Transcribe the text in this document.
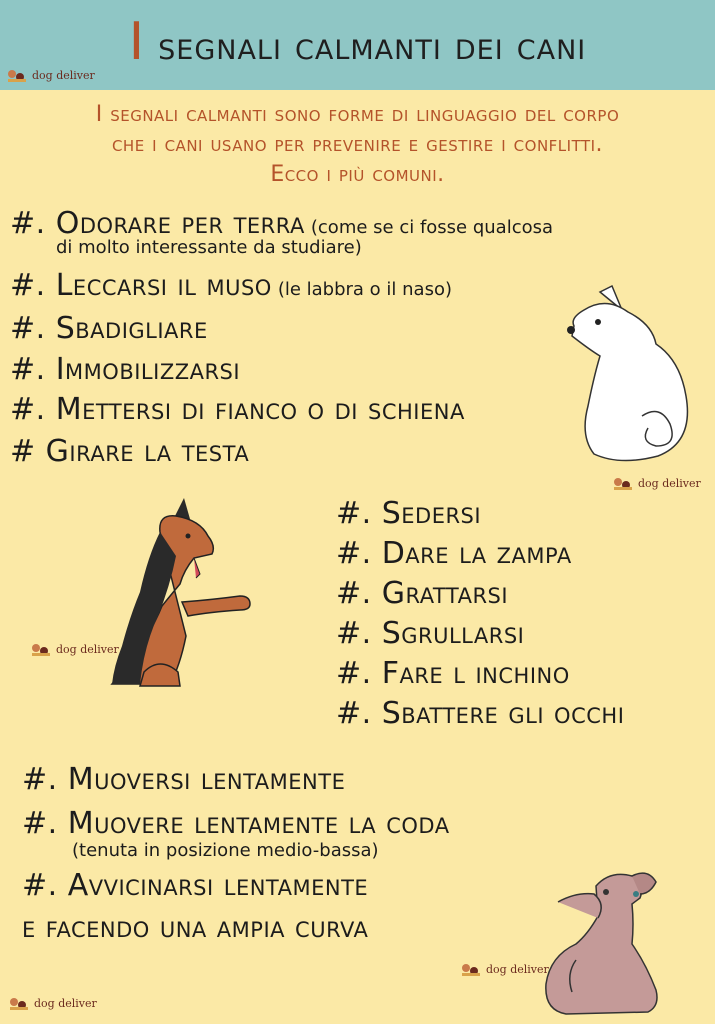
I segnali calmanti dei cani
dog deliver
I segnali calmanti sono forme di linguaggio del corpo
che i cani usano per prevenire e gestire i conflitti.
Ecco i più comuni.
#. Odorare per terra (come se ci fosse qualcosa
di molto interessante da studiare)
#. Leccarsi il muso (le labbra o il naso)
#. Sbadigliare
#. Immobilizzarsi
#. Mettersi di fianco o di schiena
# Girare la testa
dog deliver
#. Sedersi
#. Dare la zampa
#. Grattarsi
#. Sgrullarsi
#. Fare l inchino
#. Sbattere gli occhi
dog deliver
#. Muoversi lentamente
#. Muovere lentamente la coda
(tenuta in posizione medio-bassa)
#. Avvicinarsi lentamente
e facendo una ampia curva
dog deliver
dog deliver
